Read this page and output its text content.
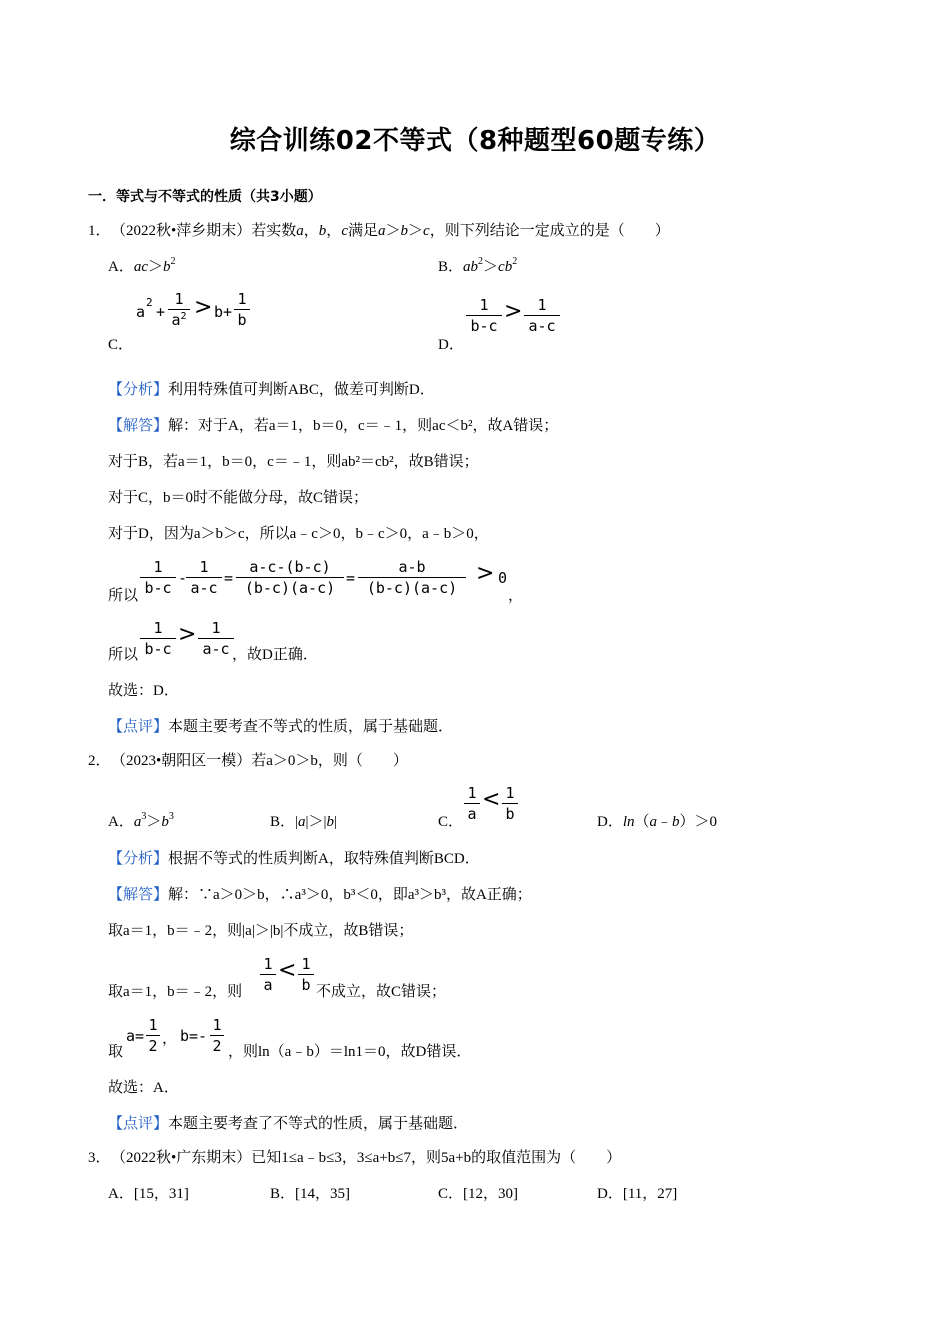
综合训练02不等式（8种题型60题专练）
一．等式与不等式的性质（共3小题）
1． （2022秋•萍乡期末）若实数a，b，c满足a＞b＞c，则下列结论一定成立的是（　　）
A．$ac>b^2$	B．$ab^2>cb^2$
C．
a
2
+
1
$a^2 > b+$
1
b
D．
1
b-c
>	1
a-c
【分析】利用特殊值可判断ABC，做差可判断D．
【解答】解：对于A，若a＝1，b＝0，c＝﹣1，则ac＜b²，故A错误；
对于B，若a＝1，b＝0，c＝﹣1，则ab²＝cb²，故B错误；
对于C，b＝0时不能做分母，故C错误；
对于D，因为a＞b＞c，所以a﹣c＞0，b﹣c＞0，a﹣b＞0，
所以
1
b-c
-
1
a-c
=
a-c-(b-c)
(b-c)(a-c)
=
a-b
(b-c)(a-c)
> 0
，
所以
1
b-c
>	1
a-c ，故D正确．
故选：D．
【点评】本题主要考查不等式的性质，属于基础题．
2． （2023•朝阳区一模）若a＞0＞b，则（　　）
A．$a^3>b^3$	B．|a|＞|b|	C．
1
a
< 1
b	D．ln（a﹣b）＞0
【分析】根据不等式的性质判断A，取特殊值判断BCD．
【解答】解：∵a＞0＞b，∴a³＞0，b³＜0，即a³＞b³，故A正确；
取a＝1，b＝﹣2，则|a|＞|b|不成立，故B错误；
取a＝1，b＝﹣2，则
1
a
< 1
b 不成立，故C错误；
取
a=
1
2 ， b=-
1
2 ，则ln（a﹣b）＝ln1＝0，故D错误．
故选：A．
【点评】本题主要考查了不等式的性质，属于基础题．
3． （2022秋•广东期末）已知1≤a﹣b≤3，3≤a+b≤7，则5a+b的取值范围为（　　）
A．[15，31]	B．[14，35]	C．[12，30]	D．[11，27]
